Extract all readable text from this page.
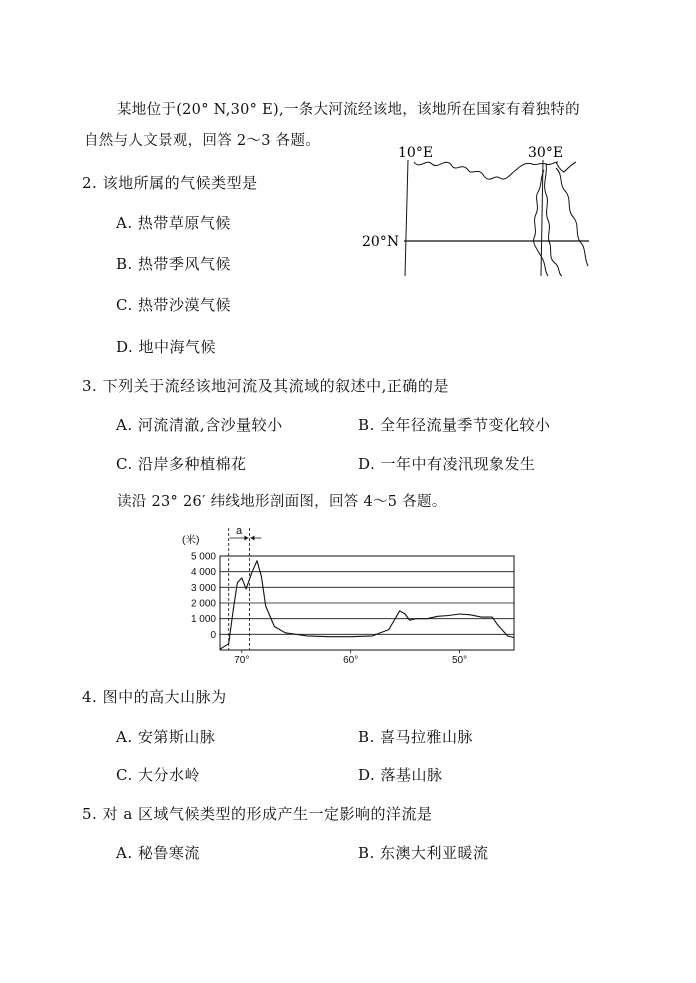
某地位于(20° N,30° E),一条大河流经该地，该地所在国家有着独特的
自然与人文景观，回答 2～3 各题。
10°E	30°E
20°N
2. 该地所属的气候类型是
A. 热带草原气候
B. 热带季风气候
C. 热带沙漠气候
D. 地中海气候
3. 下列关于流经该地河流及其流域的叙述中,正确的是
A. 河流清澈,含沙量较小	B. 全年径流量季节变化较小
C. 沿岸多种植棉花	D. 一年中有凌汛现象发生
读沿 23° 26′ 纬线地形剖面图，回答 4～5 各题。
5 000
4 000
3 000
2 000
1 000
0
(米)
70°	60°	50°
a
4. 图中的高大山脉为
A. 安第斯山脉	B. 喜马拉雅山脉
C. 大分水岭	D. 落基山脉
5. 对 a 区域气候类型的形成产生一定影响的洋流是
A. 秘鲁寒流	B. 东澳大利亚暖流
